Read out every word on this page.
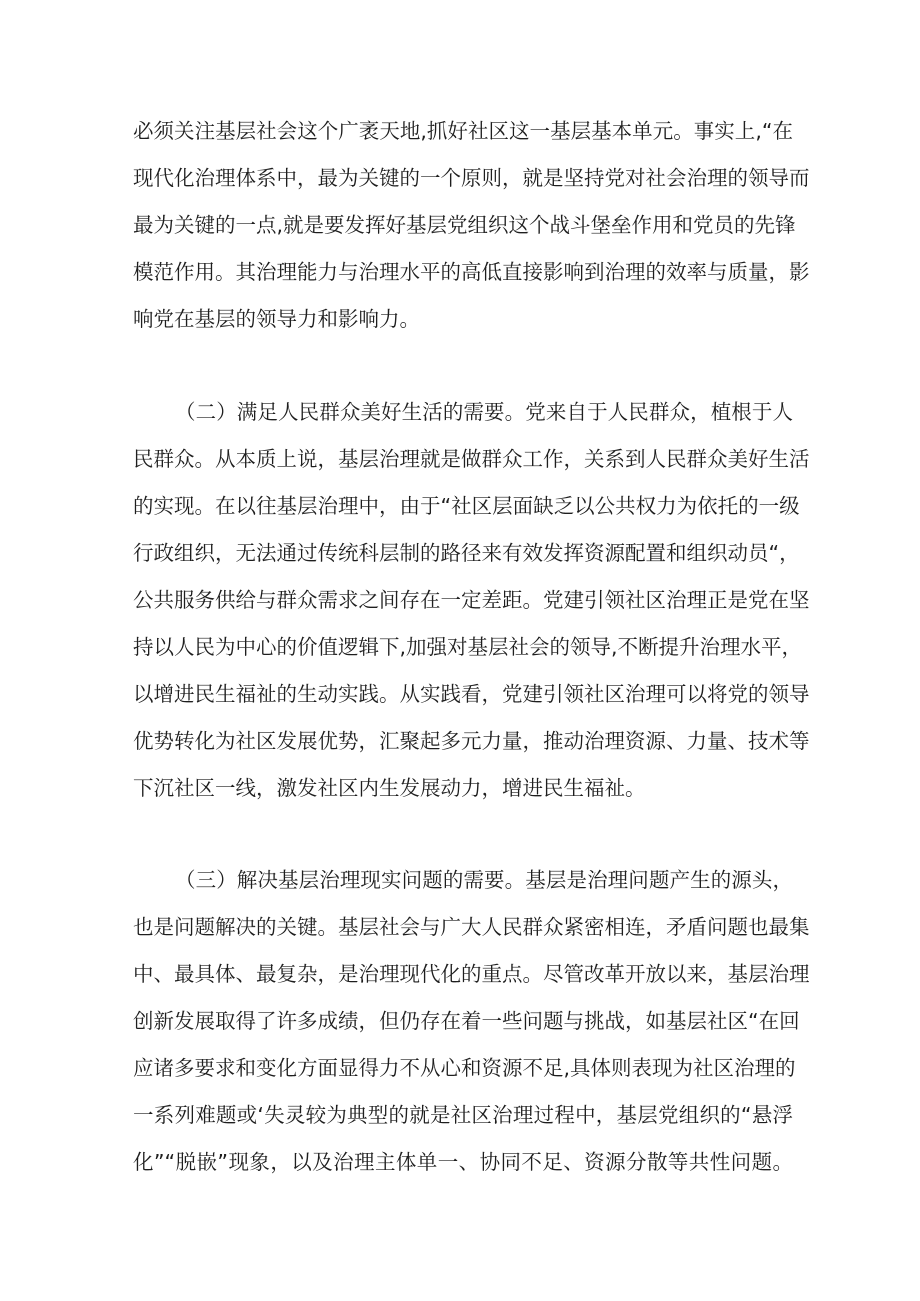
必须关注基层社会这个广袤天地,抓好社区这一基层基本单元。事实上,“在
现代化治理体系中，最为关键的一个原则，就是坚持党对社会治理的领导而
最为关键的一点,就是要发挥好基层党组织这个战斗堡垒作用和党员的先锋
模范作用。其治理能力与治理水平的高低直接影响到治理的效率与质量，影
响党在基层的领导力和影响力。
（二）满足人民群众美好生活的需要。党来自于人民群众，植根于人
民群众。从本质上说，基层治理就是做群众工作，关系到人民群众美好生活
的实现。在以往基层治理中，由于“社区层面缺乏以公共权力为依托的一级
行政组织，无法通过传统科层制的路径来有效发挥资源配置和组织动员“，
公共服务供给与群众需求之间存在一定差距。党建引领社区治理正是党在坚
持以人民为中心的价值逻辑下,加强对基层社会的领导,不断提升治理水平，
以增进民生福祉的生动实践。从实践看，党建引领社区治理可以将党的领导
优势转化为社区发展优势，汇聚起多元力量，推动治理资源、力量、技术等
下沉社区一线，激发社区内生发展动力，增进民生福祉。
（三）解决基层治理现实问题的需要。基层是治理问题产生的源头，
也是问题解决的关键。基层社会与广大人民群众紧密相连，矛盾问题也最集
中、最具体、最复杂，是治理现代化的重点。尽管改革开放以来，基层治理
创新发展取得了许多成绩，但仍存在着一些问题与挑战，如基层社区“在回
应诸多要求和变化方面显得力不从心和资源不足,具体则表现为社区治理的
一系列难题或‘失灵较为典型的就是社区治理过程中，基层党组织的“悬浮
化”“脱嵌”现象，以及治理主体单一、协同不足、资源分散等共性问题。
